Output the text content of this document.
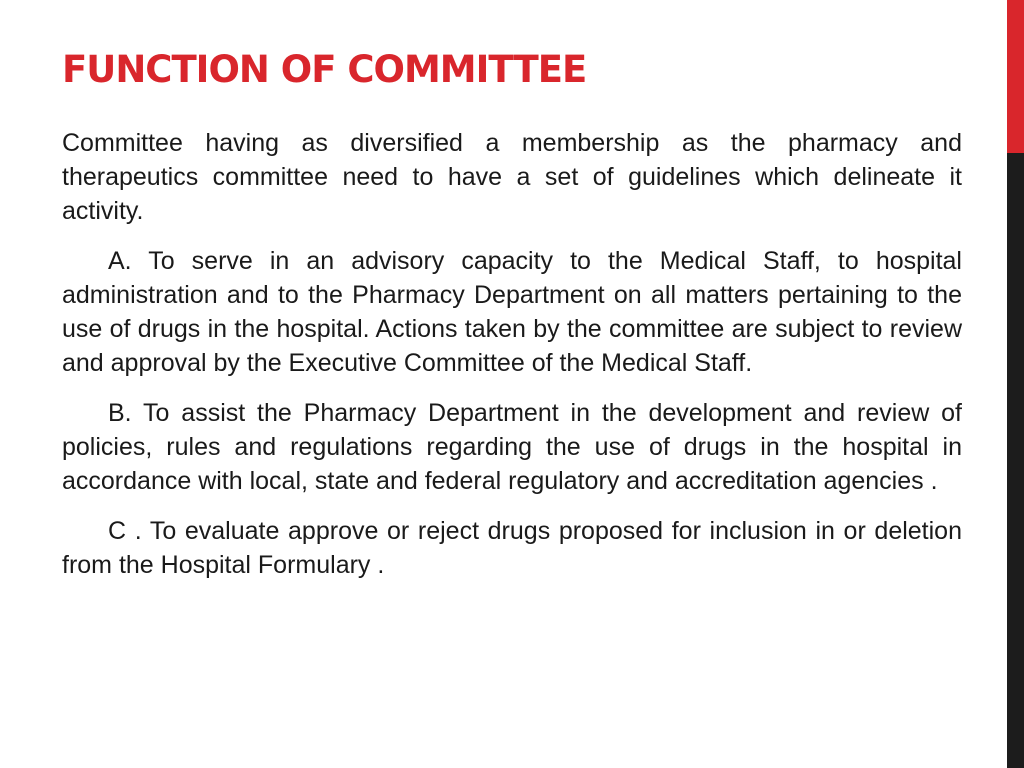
FUNCTION OF COMMITTEE

Committee having as diversified a membership as the pharmacy and therapeutics committee need to have a set of guidelines which delineate it activity.

A. To serve in an advisory capacity to the Medical Staff, to hospital administration and to the Pharmacy Department on all matters pertaining to the use of drugs in the hospital. Actions taken by the committee are subject to review and approval by the Executive Committee of the Medical Staff.

B. To assist the Pharmacy Department in the development and review of policies, rules and regulations regarding the use of drugs in the hospital in accordance with local, state and federal regulatory and accreditation agencies .

C . To evaluate approve or reject drugs proposed for inclusion in or deletion from the Hospital Formulary .
